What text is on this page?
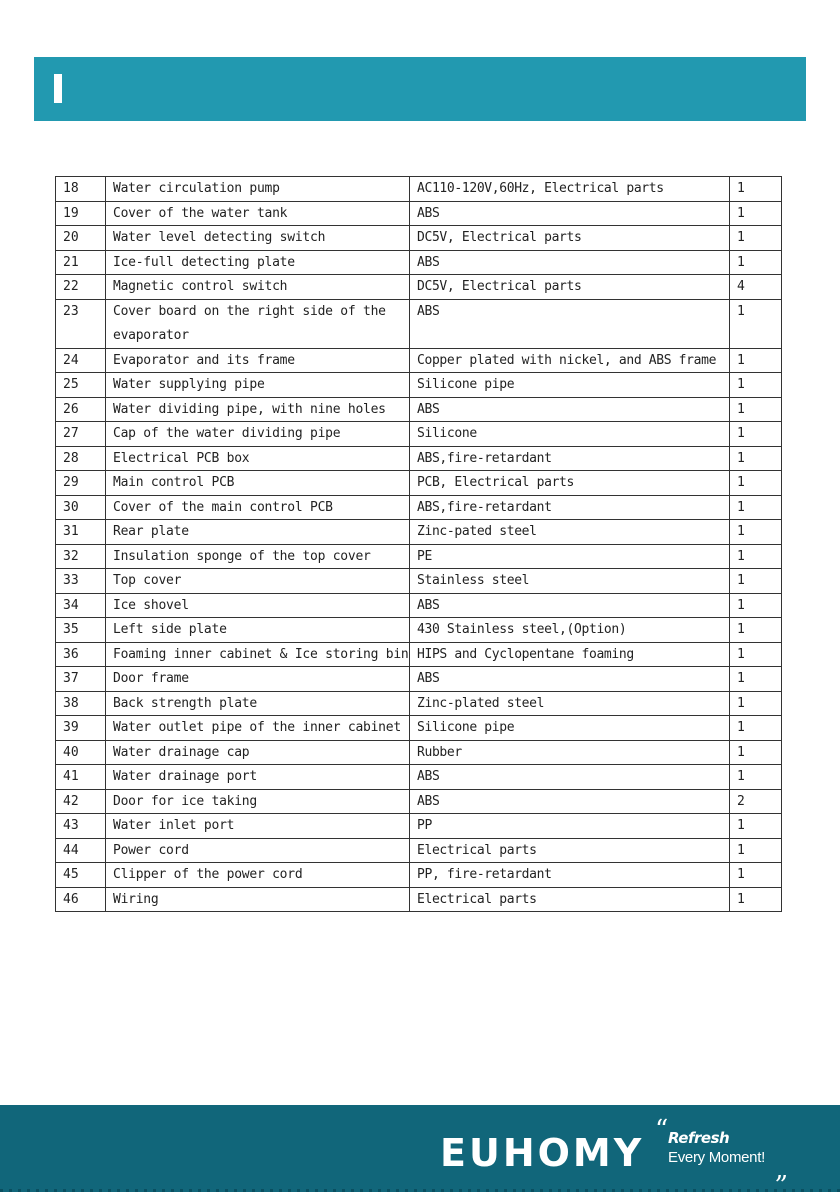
18	Water circulation pump	AC110-120V,60Hz, Electrical parts	1
19	Cover of the water tank	ABS	1
20	Water level detecting switch	DC5V, Electrical parts	1
21	Ice-full detecting plate	ABS	1
22	Magnetic control switch	DC5V, Electrical parts	4
23	Cover board on the right side of the evaporator	ABS	1
24	Evaporator and its frame	Copper plated with nickel, and ABS frame	1
25	Water supplying pipe	Silicone pipe	1
26	Water dividing pipe, with nine holes	ABS	1
27	Cap of the water dividing pipe	Silicone	1
28	Electrical PCB box	ABS,fire-retardant	1
29	Main control PCB	PCB, Electrical parts	1
30	Cover of the main control PCB	ABS,fire-retardant	1
31	Rear plate	Zinc-pated steel	1
32	Insulation sponge of the top cover	PE	1
33	Top cover	Stainless steel	1
34	Ice shovel	ABS	1
35	Left side plate	430 Stainless steel,(Option)	1
36	Foaming inner cabinet & Ice storing bin	HIPS and Cyclopentane foaming	1
37	Door frame	ABS	1
38	Back strength plate	Zinc-plated steel	1
39	Water outlet pipe of the inner cabinet	Silicone pipe	1
40	Water drainage cap	Rubber	1
41	Water drainage port	ABS	1
42	Door for ice taking	ABS	2
43	Water inlet port	PP	1
44	Power cord	Electrical parts	1
45	Clipper of the power cord	PP, fire-retardant	1
46	Wiring	Electrical parts	1
EUHOMY
“ Refresh
Every Moment! „
